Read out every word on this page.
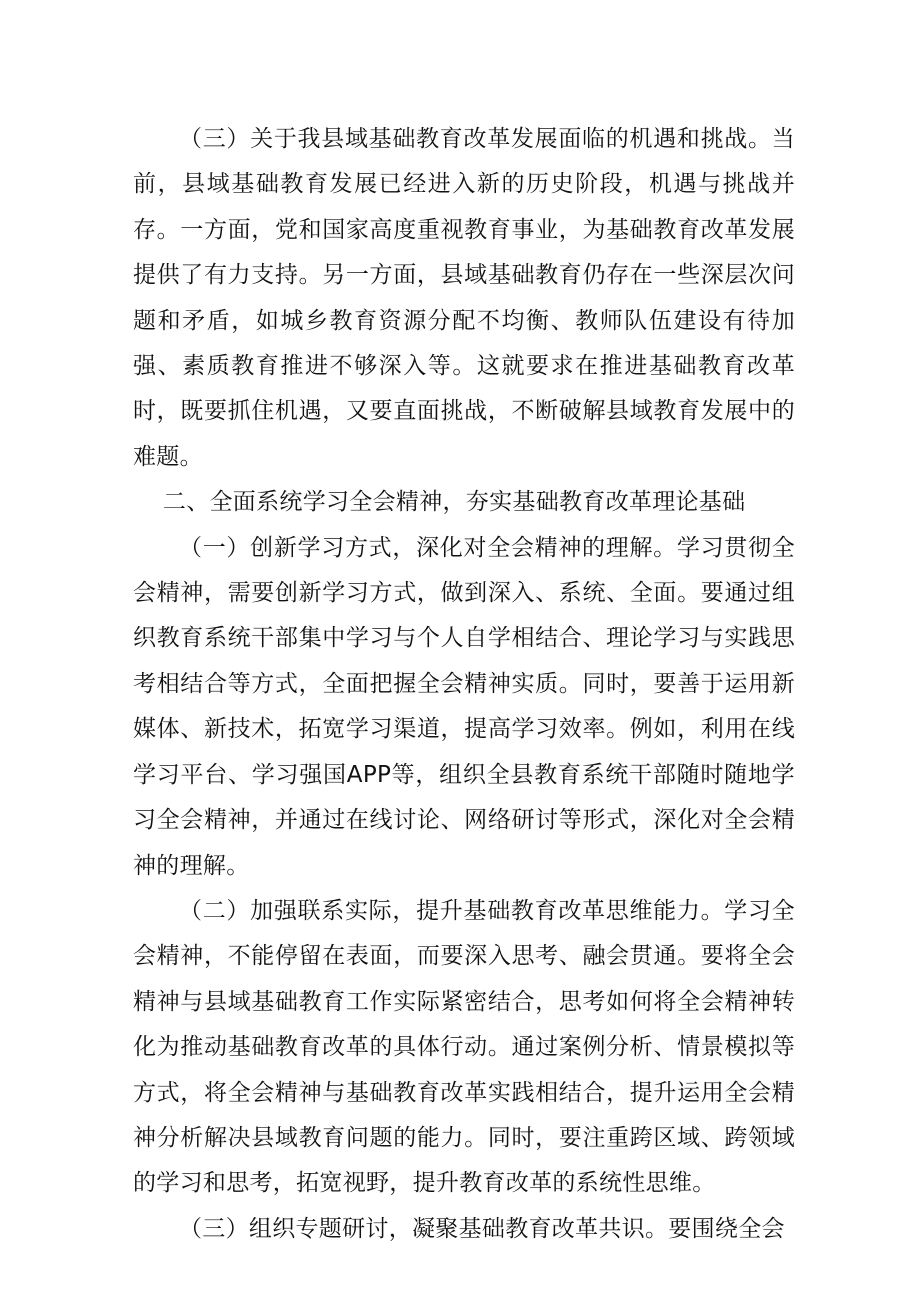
（三）关于我县域基础教育改革发展面临的机遇和挑战。当前，县域基础教育发展已经进入新的历史阶段，机遇与挑战并存。一方面，党和国家高度重视教育事业，为基础教育改革发展提供了有力支持。另一方面，县域基础教育仍存在一些深层次问题和矛盾，如城乡教育资源分配不均衡、教师队伍建设有待加强、素质教育推进不够深入等。这就要求在推进基础教育改革时，既要抓住机遇，又要直面挑战，不断破解县域教育发展中的难题。

二、全面系统学习全会精神，夯实基础教育改革理论基础

（一）创新学习方式，深化对全会精神的理解。学习贯彻全会精神，需要创新学习方式，做到深入、系统、全面。要通过组织教育系统干部集中学习与个人自学相结合、理论学习与实践思考相结合等方式，全面把握全会精神实质。同时，要善于运用新媒体、新技术，拓宽学习渠道，提高学习效率。例如，利用在线学习平台、学习强国APP等，组织全县教育系统干部随时随地学习全会精神，并通过在线讨论、网络研讨等形式，深化对全会精神的理解。

（二）加强联系实际，提升基础教育改革思维能力。学习全会精神，不能停留在表面，而要深入思考、融会贯通。要将全会精神与县域基础教育工作实际紧密结合，思考如何将全会精神转化为推动基础教育改革的具体行动。通过案例分析、情景模拟等方式，将全会精神与基础教育改革实践相结合，提升运用全会精神分析解决县域教育问题的能力。同时，要注重跨区域、跨领域的学习和思考，拓宽视野，提升教育改革的系统性思维。

（三）组织专题研讨，凝聚基础教育改革共识。要围绕全会
